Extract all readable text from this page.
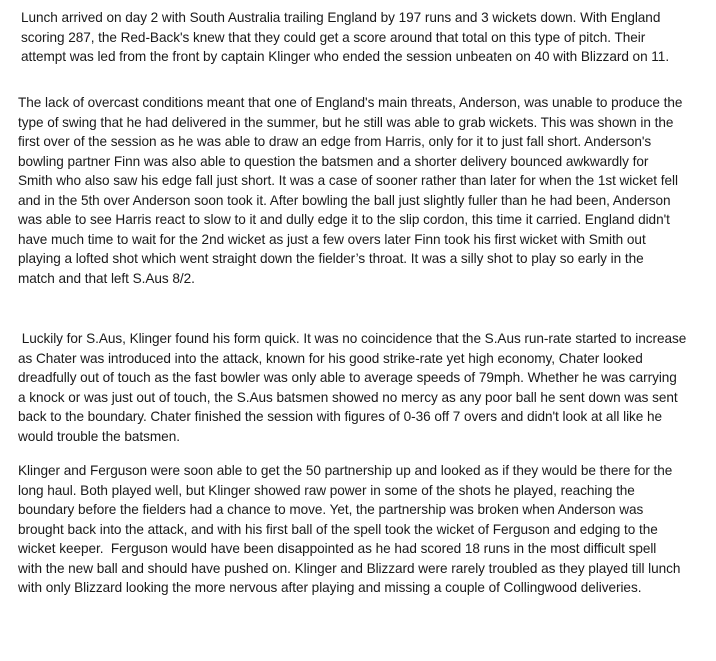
Lunch arrived on day 2 with South Australia trailing England by 197 runs and 3 wickets down. With England
scoring 287, the Red-Back's knew that they could get a score around that total on this type of pitch. Their
attempt was led from the front by captain Klinger who ended the session unbeaten on 40 with Blizzard on 11.

The lack of overcast conditions meant that one of England's main threats, Anderson, was unable to produce the
type of swing that he had delivered in the summer, but he still was able to grab wickets. This was shown in the
first over of the session as he was able to draw an edge from Harris, only for it to just fall short. Anderson's
bowling partner Finn was also able to question the batsmen and a shorter delivery bounced awkwardly for
Smith who also saw his edge fall just short. It was a case of sooner rather than later for when the 1st wicket fell
and in the 5th over Anderson soon took it. After bowling the ball just slightly fuller than he had been, Anderson
was able to see Harris react to slow to it and dully edge it to the slip cordon, this time it carried. England didn't
have much time to wait for the 2nd wicket as just a few overs later Finn took his first wicket with Smith out
playing a lofted shot which went straight down the fielder’s throat. It was a silly shot to play so early in the
match and that left S.Aus 8/2.

Luckily for S.Aus, Klinger found his form quick. It was no coincidence that the S.Aus run-rate started to increase
as Chater was introduced into the attack, known for his good strike-rate yet high economy, Chater looked
dreadfully out of touch as the fast bowler was only able to average speeds of 79mph. Whether he was carrying
a knock or was just out of touch, the S.Aus batsmen showed no mercy as any poor ball he sent down was sent
back to the boundary. Chater finished the session with figures of 0-36 off 7 overs and didn't look at all like he
would trouble the batsmen.

Klinger and Ferguson were soon able to get the 50 partnership up and looked as if they would be there for the
long haul. Both played well, but Klinger showed raw power in some of the shots he played, reaching the
boundary before the fielders had a chance to move. Yet, the partnership was broken when Anderson was
brought back into the attack, and with his first ball of the spell took the wicket of Ferguson and edging to the
wicket keeper.  Ferguson would have been disappointed as he had scored 18 runs in the most difficult spell
with the new ball and should have pushed on. Klinger and Blizzard were rarely troubled as they played till lunch
with only Blizzard looking the more nervous after playing and missing a couple of Collingwood deliveries.
